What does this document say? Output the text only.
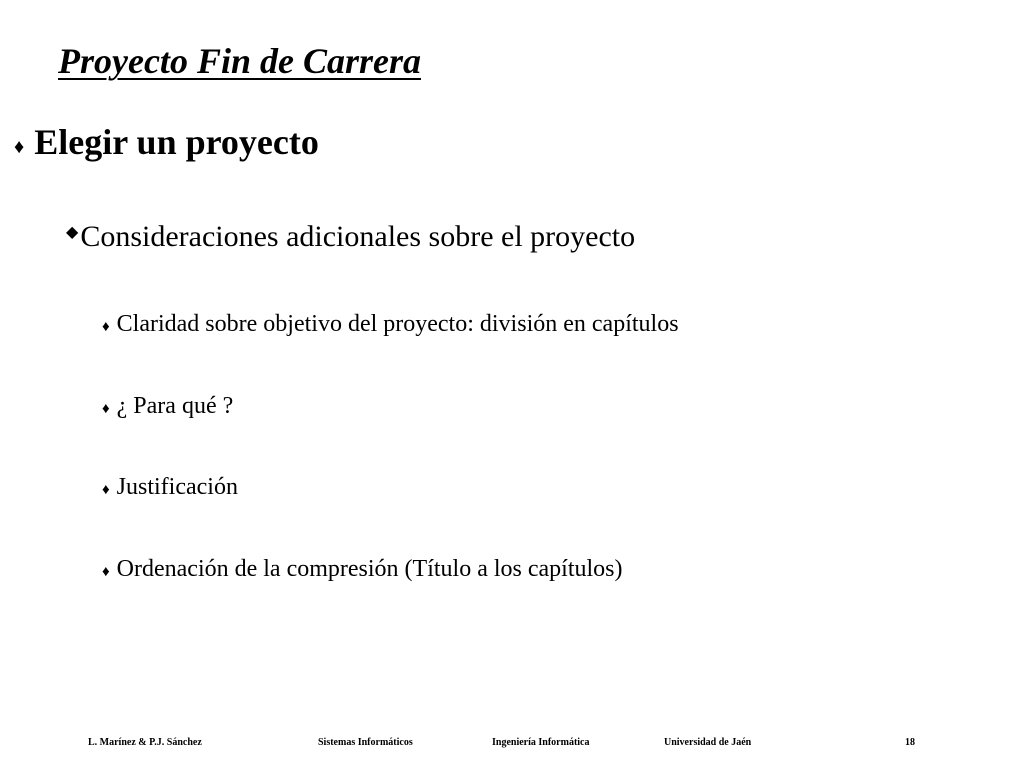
Proyecto Fin de Carrera
♦ Elegir un proyecto
◆ Consideraciones adicionales sobre el proyecto
♦ Claridad sobre objetivo del proyecto: división en capítulos
♦ ¿ Para qué ?
♦ Justificación
♦ Ordenación de la compresión (Título a los capítulos)
L. Marínez & P.J. Sánchez	Sistemas Informáticos	Ingeniería Informática	Universidad de Jaén	18
